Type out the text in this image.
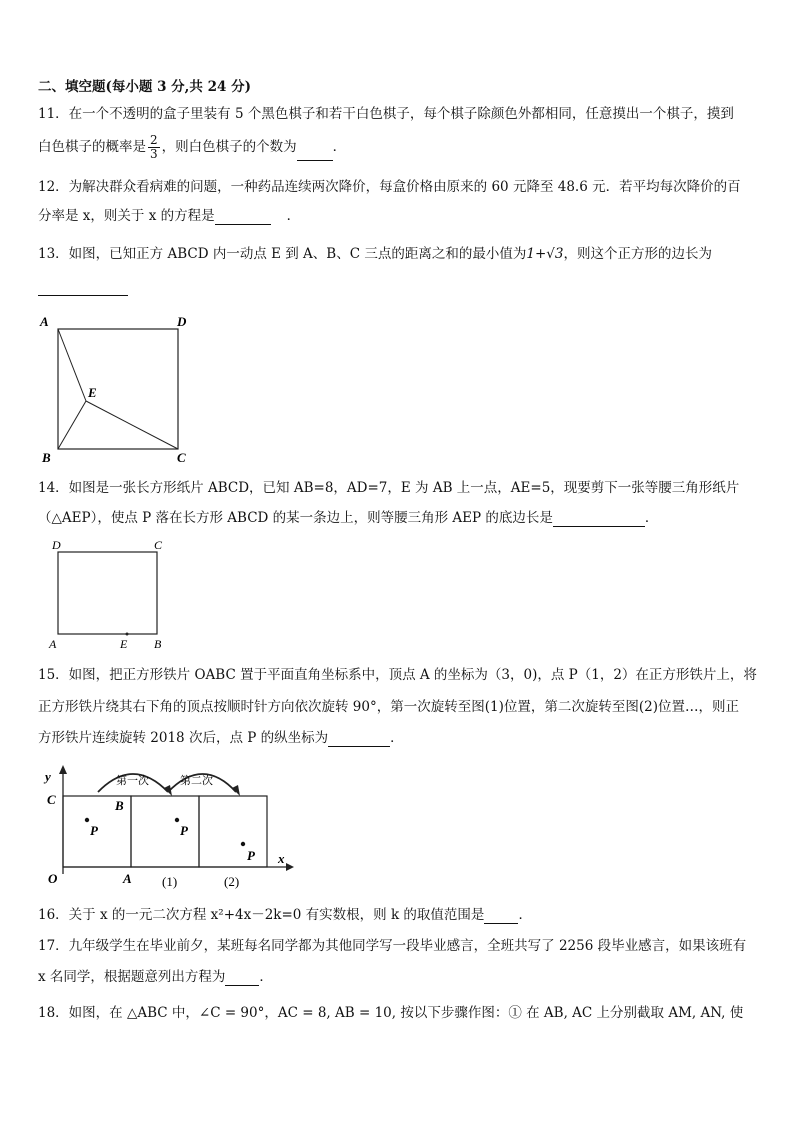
二、填空题(每小题 3 分,共 24 分)
11．在一个不透明的盒子里装有 5 个黑色棋子和若干白色棋子，每个棋子除颜色外都相同，任意摸出一个棋子，摸到
白色棋子的概率是 $\frac{2}{3}$ ，则白色棋子的个数为	．
12．为解决群众看病难的问题，一种药品连续两次降价，每盒价格由原来的 60 元降至 48.6 元．若平均每次降价的百
分率是 x，则关于 x 的方程是	．
13．如图，已知正方 ABCD 内一动点 E 到 A、B、C 三点的距离之和的最小值为1+√3，则这个正方形的边长为
A	D
E
B	C
14．如图是一张长方形纸片 ABCD，已知 AB=8，AD=7，E 为 AB 上一点，AE=5，现要剪下一张等腰三角形纸片
（△AEP），使点 P 落在长方形 ABCD 的某一条边上，则等腰三角形 AEP 的底边长是	．
D	C
A	E B
15．如图，把正方形铁片 OABC 置于平面直角坐标系中，顶点 A 的坐标为（3，0)，点 P（1，2）在正方形铁片上，将
正方形铁片绕其右下角的顶点按顺时针方向依次旋转 90°，第一次旋转至图(1)位置，第二次旋转至图(2)位置…，则正
方形铁片连续旋转 2018 次后，点 P 的纵坐标为	．
第一次	第二次
P	P
P
y
x
C	B
O	A (1)	(2)
16．关于 x 的一元二次方程 x²+4x－2k=0 有实数根，则 k 的取值范围是	．
17．九年级学生在毕业前夕，某班每名同学都为其他同学写一段毕业感言，全班共写了 2256 段毕业感言，如果该班有
x 名同学，根据题意列出方程为	．
18．如图，在 △ABC 中，∠C = 90°，AC = 8, AB = 10, 按以下步骤作图：① 在 AB, AC 上分别截取 AM, AN, 使
